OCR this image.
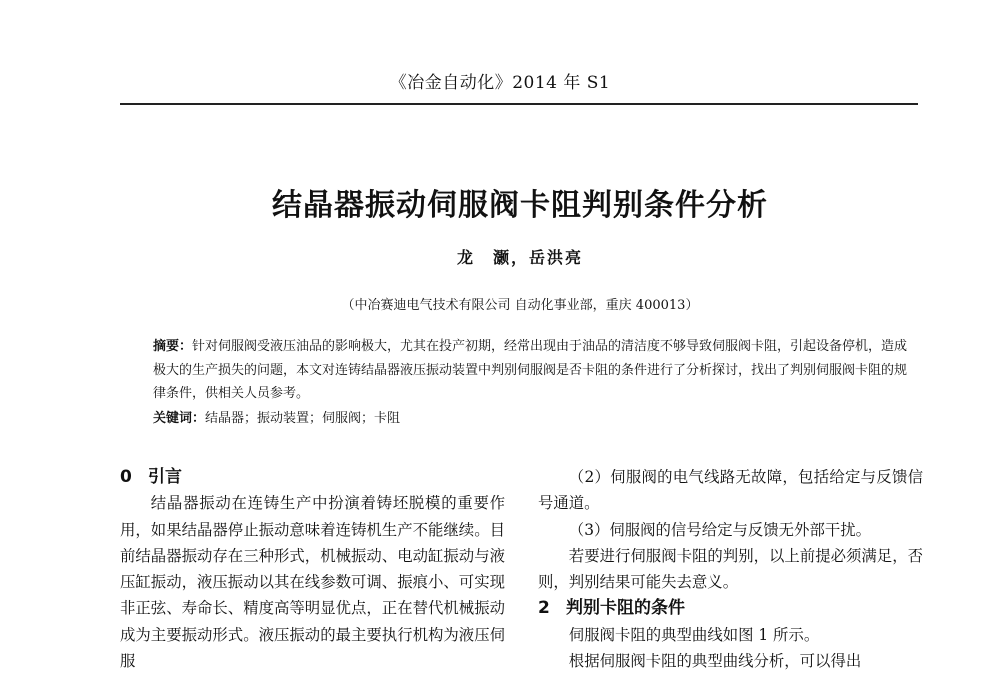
《冶金自动化》2014 年 S1
结晶器振动伺服阀卡阻判别条件分析
龙　灏，岳洪亮
（中冶赛迪电气技术有限公司 自动化事业部，重庆 400013）
摘要：针对伺服阀受液压油品的影响极大，尤其在投产初期，经常出现由于油品的清洁度不够导致伺服阀卡阻，引起设备停机，造成极大的生产损失的问题，本文对连铸结晶器液压振动装置中判别伺服阀是否卡阻的条件进行了分析探讨，找出了判别伺服阀卡阻的规律条件，供相关人员参考。
关键词：结晶器；振动装置；伺服阀；卡阻
0 引言

结晶器振动在连铸生产中扮演着铸坯脱模的重要作用，如果结晶器停止振动意味着连铸机生产不能继续。目前结晶器振动存在三种形式，机械振动、电动缸振动与液压缸振动，液压振动以其在线参数可调、振痕小、可实现非正弦、寿命长、精度高等明显优点，正在替代机械振动成为主要振动形式。液压振动的最主要执行机构为液压伺服

（2）伺服阀的电气线路无故障，包括给定与反馈信号通道。

（3）伺服阀的信号给定与反馈无外部干扰。

若要进行伺服阀卡阻的判别，以上前提必须满足，否则，判别结果可能失去意义。

2 判别卡阻的条件

伺服阀卡阻的典型曲线如图 1 所示。

根据伺服阀卡阻的典型曲线分析，可以得出
